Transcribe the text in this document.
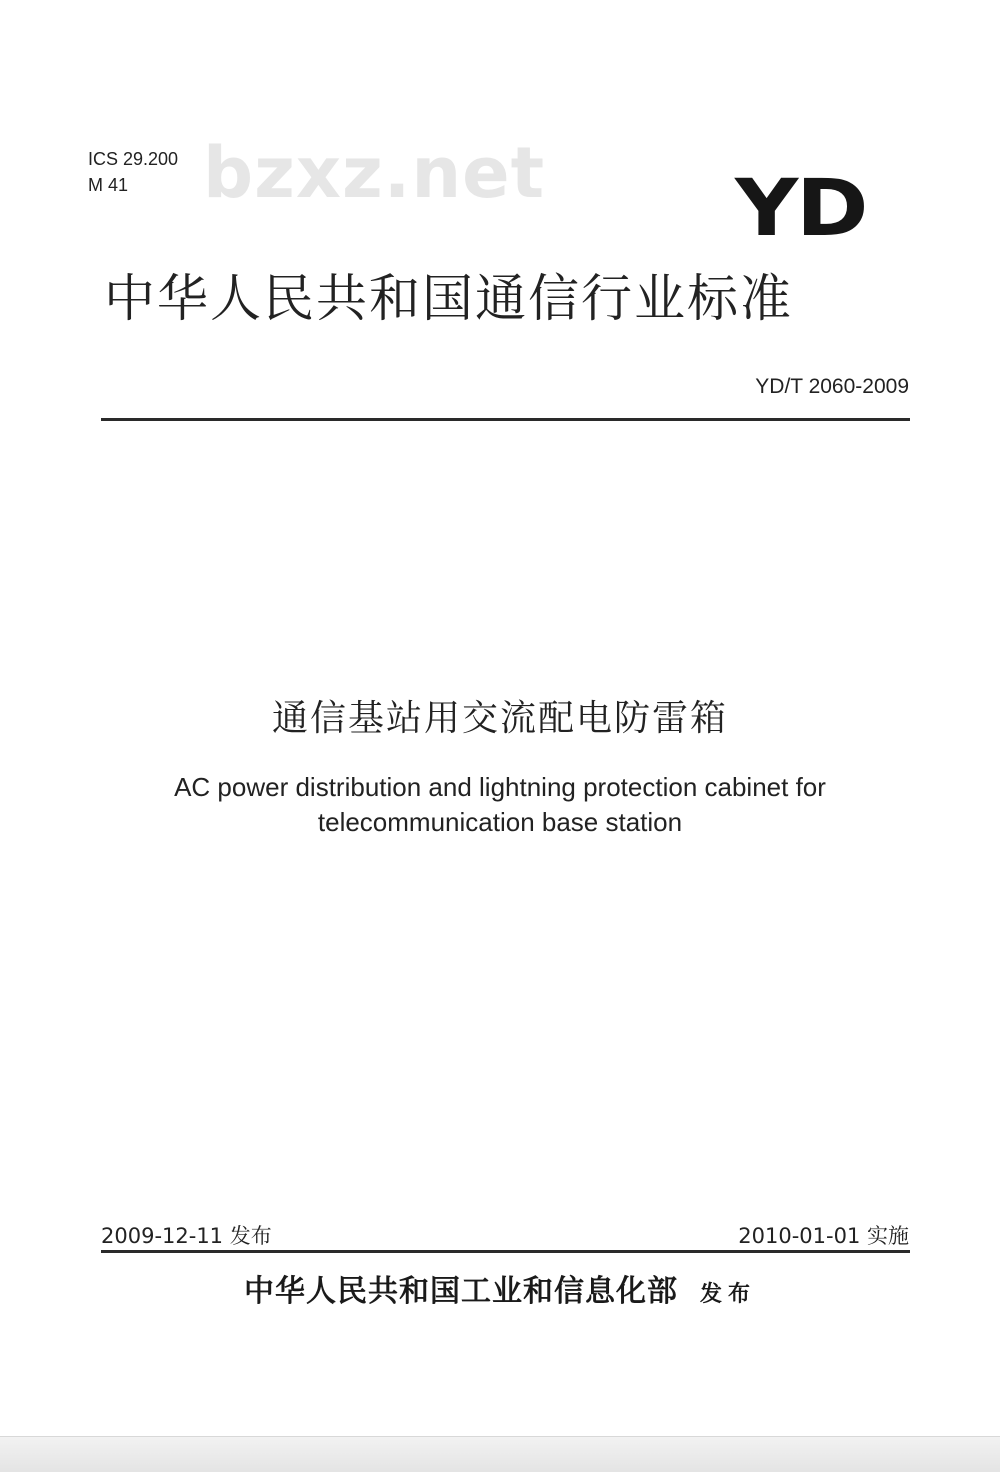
ICS 29.200
M 41	bzxz.net YD
中华人民共和国通信行业标准
YD/T 2060-2009
通信基站用交流配电防雷箱
AC power distribution and lightning protection cabinet for
telecommunication base station
2009-12-11 发布	2010-01-01 实施
中华人民共和国工业和信息化部 发布
